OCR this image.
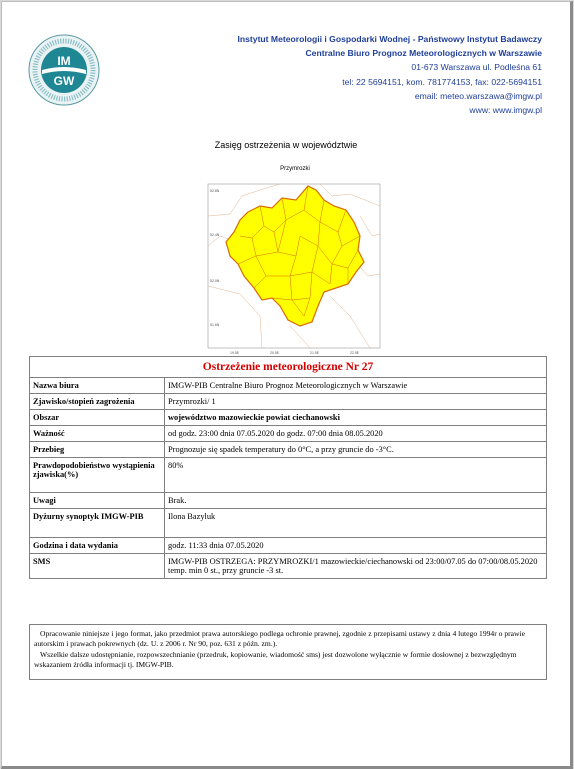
IM
GW
Instytut Meteorologii i Gospodarki Wodnej - Państwowy Instytut Badawczy
Centralne Biuro Prognoz Meteorologicznych w Warszawie
01-673 Warszawa ul. Podleśna 61
tel: 22 5694151, kom. 781774153, fax: 022-5694151
email: meteo.warszawa@imgw.pl
www: www.imgw.pl
Zasięg ostrzeżenia w województwie
Przymrozki
52.8N
52.4N
52.0N
51.6N
19.5E	20.5E	21.5E	22.5E
Ostrzeżenie meteorologiczne Nr 27	
Nazwa biura	IMGW-PIB Centralne Biuro Prognoz Meteorologicznych w Warszawie
Zjawisko/stopień zagrożenia	Przymrozki/ 1
Obszar	województwo mazowieckie powiat ciechanowski
Ważność	od godz. 23:00 dnia 07.05.2020 do godz. 07:00 dnia 08.05.2020
Przebieg	Prognozuje się spadek temperatury do 0°C, a przy gruncie do -3°C.
Prawdopodobieństwo wystąpienia zjawiska(%)	80%
Uwagi	Brak.
Dyżurny synoptyk IMGW-PIB	Ilona Bazyluk
Godzina i data wydania	godz. 11:33 dnia 07.05.2020
SMS	IMGW-PIB OSTRZEGA: PRZYMROZKI/1 mazowieckie/ciechanowski od 23:00/07.05 do 07:00/08.05.2020 temp. min 0 st., przy gruncie -3 st.

Opracowanie niniejsze i jego format, jako przedmiot prawa autorskiego podlega ochronie prawnej, zgodnie z przepisami ustawy z dnia 4 lutego 1994r o prawie autorskim i prawach pokrewnych (dz. U. z 2006 r. Nr 90, poz. 631 z późn. zm.).

Wszelkie dalsze udostępnianie, rozpowszechnianie (przedruk, kopiowanie, wiadomość sms) jest dozwolone wyłącznie w formie dosłownej z bezwzględnym wskazaniem źródła informacji tj. IMGW-PIB.
